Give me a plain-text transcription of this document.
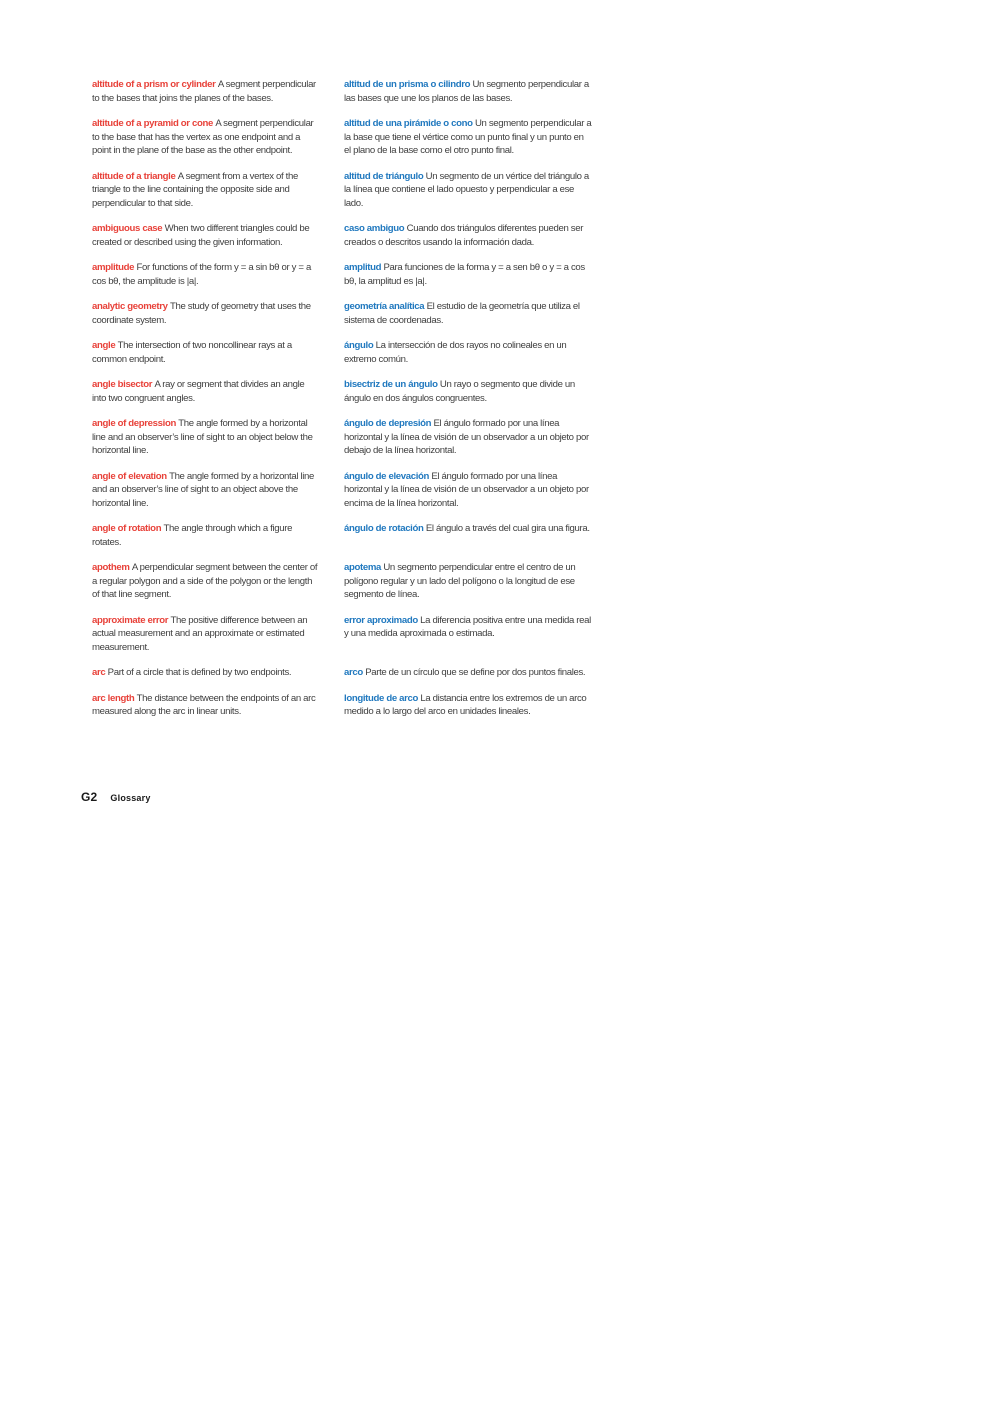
altitude of a prism or cylinder A segment perpendicular to the bases that joins the planes of the bases.

altitud de un prisma o cilindro Un segmento perpendicular a las bases que une los planos de las bases.

altitude of a pyramid or cone A segment perpendicular to the base that has the vertex as one endpoint and a point in the plane of the base as the other endpoint.

altitud de una pirámide o cono Un segmento perpendicular a la base que tiene el vértice como un punto final y un punto en el plano de la base como el otro punto final.

altitude of a triangle A segment from a vertex of the triangle to the line containing the opposite side and perpendicular to that side.

altitud de triángulo Un segmento de un vértice del triángulo a la línea que contiene el lado opuesto y perpendicular a ese lado.

ambiguous case When two different triangles could be created or described using the given information.

caso ambiguo Cuando dos triángulos diferentes pueden ser creados o descritos usando la información dada.

amplitude For functions of the form y = a sin bθ or y = a cos bθ, the amplitude is |a|.

amplitud Para funciones de la forma y = a sen bθ o y = a cos bθ, la amplitud es |a|.

analytic geometry The study of geometry that uses the coordinate system.

geometría analítica El estudio de la geometría que utiliza el sistema de coordenadas.

angle The intersection of two noncollinear rays at a common endpoint.

ángulo La intersección de dos rayos no colineales en un extremo común.

angle bisector A ray or segment that divides an angle into two congruent angles.

bisectriz de un ángulo Un rayo o segmento que divide un ángulo en dos ángulos congruentes.

angle of depression The angle formed by a horizontal line and an observer’s line of sight to an object below the horizontal line.

ángulo de depresión El ángulo formado por una línea horizontal y la línea de visión de un observador a un objeto por debajo de la línea horizontal.

angle of elevation The angle formed by a horizontal line and an observer’s line of sight to an object above the horizontal line.

ángulo de elevación El ángulo formado por una línea horizontal y la línea de visión de un observador a un objeto por encima de la línea horizontal.

angle of rotation The angle through which a figure rotates.

ángulo de rotación El ángulo a través del cual gira una figura.

apothem A perpendicular segment between the center of a regular polygon and a side of the polygon or the length of that line segment.

apotema Un segmento perpendicular entre el centro de un polígono regular y un lado del polígono o la longitud de ese segmento de línea.

approximate error The positive difference between an actual measurement and an approximate or estimated measurement.

error aproximado La diferencia positiva entre una medida real y una medida aproximada o estimada.

arc Part of a circle that is defined by two endpoints.	arco Parte de un círculo que se define por dos puntos finales.

arc length The distance between the endpoints of an arc measured along the arc in linear units.

longitude de arco La distancia entre los extremos de un arco medido a lo largo del arco en unidades lineales.

G2 Glossary
